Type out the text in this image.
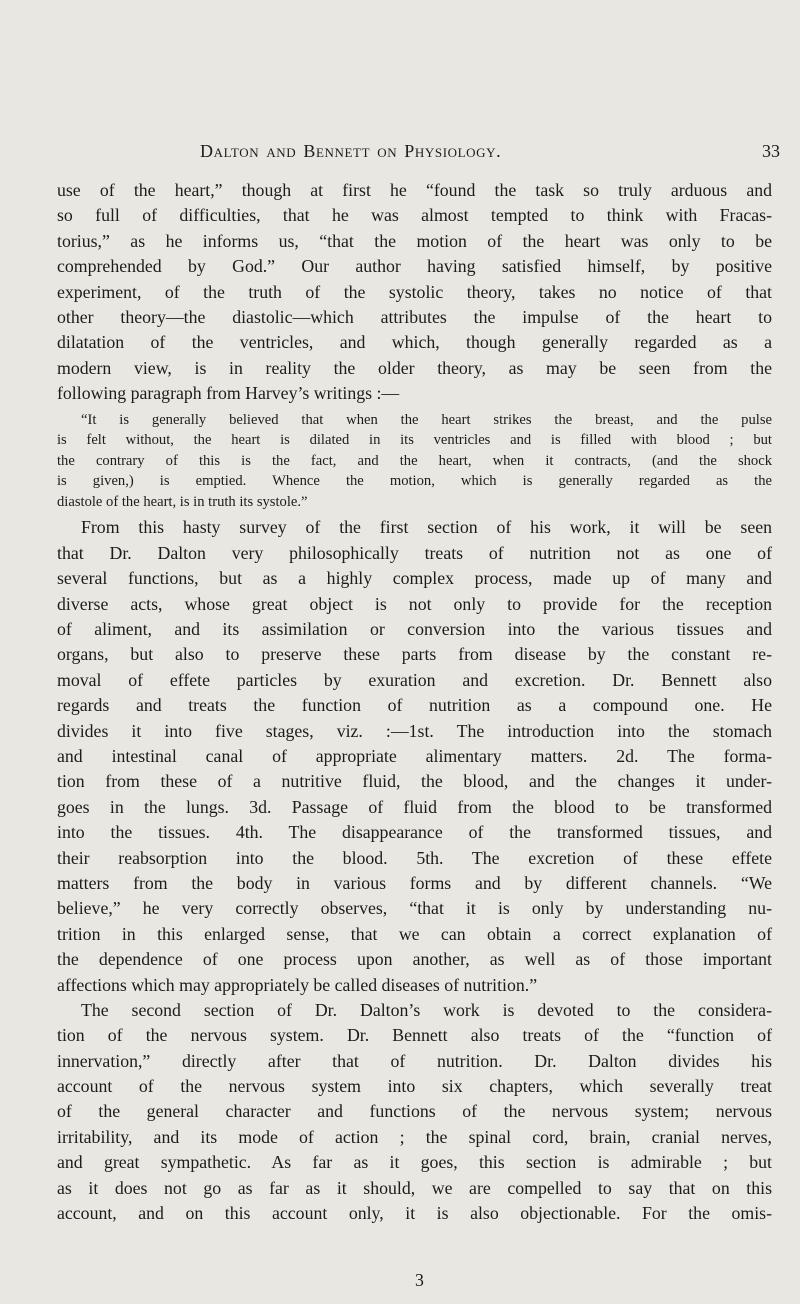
Dalton and Bennett on Physiology.	33
use of the heart,” though at first he “found the task so truly arduous and
so full of difficulties, that he was almost tempted to think with Fracas-
torius,” as he informs us, “that the motion of the heart was only to be
comprehended by God.” Our author having satisfied himself, by positive
experiment, of the truth of the systolic theory, takes no notice of that
other theory—the diastolic—which attributes the impulse of the heart to
dilatation of the ventricles, and which, though generally regarded as a
modern view, is in reality the older theory, as may be seen from the
following paragraph from Harvey’s writings :—
“It is generally believed that when the heart strikes the breast, and the pulse
is felt without, the heart is dilated in its ventricles and is filled with blood ; but
the contrary of this is the fact, and the heart, when it contracts, (and the shock
is given,) is emptied. Whence the motion, which is generally regarded as the
diastole of the heart, is in truth its systole.”
From this hasty survey of the first section of his work, it will be seen
that Dr. Dalton very philosophically treats of nutrition not as one of
several functions, but as a highly complex process, made up of many and
diverse acts, whose great object is not only to provide for the reception
of aliment, and its assimilation or conversion into the various tissues and
organs, but also to preserve these parts from disease by the constant re-
moval of effete particles by exuration and excretion. Dr. Bennett also
regards and treats the function of nutrition as a compound one. He
divides it into five stages, viz. :—1st. The introduction into the stomach
and intestinal canal of appropriate alimentary matters. 2d. The forma-
tion from these of a nutritive fluid, the blood, and the changes it under-
goes in the lungs. 3d. Passage of fluid from the blood to be transformed
into the tissues. 4th. The disappearance of the transformed tissues, and
their reabsorption into the blood. 5th. The excretion of these effete
matters from the body in various forms and by different channels. “We
believe,” he very correctly observes, “that it is only by understanding nu-
trition in this enlarged sense, that we can obtain a correct explanation of
the dependence of one process upon another, as well as of those important
affections which may appropriately be called diseases of nutrition.”
The second section of Dr. Dalton’s work is devoted to the considera-
tion of the nervous system. Dr. Bennett also treats of the “function of
innervation,” directly after that of nutrition. Dr. Dalton divides his
account of the nervous system into six chapters, which severally treat
of the general character and functions of the nervous system; nervous
irritability, and its mode of action ; the spinal cord, brain, cranial nerves,
and great sympathetic. As far as it goes, this section is admirable ; but
as it does not go as far as it should, we are compelled to say that on this
account, and on this account only, it is also objectionable. For the omis-
3
